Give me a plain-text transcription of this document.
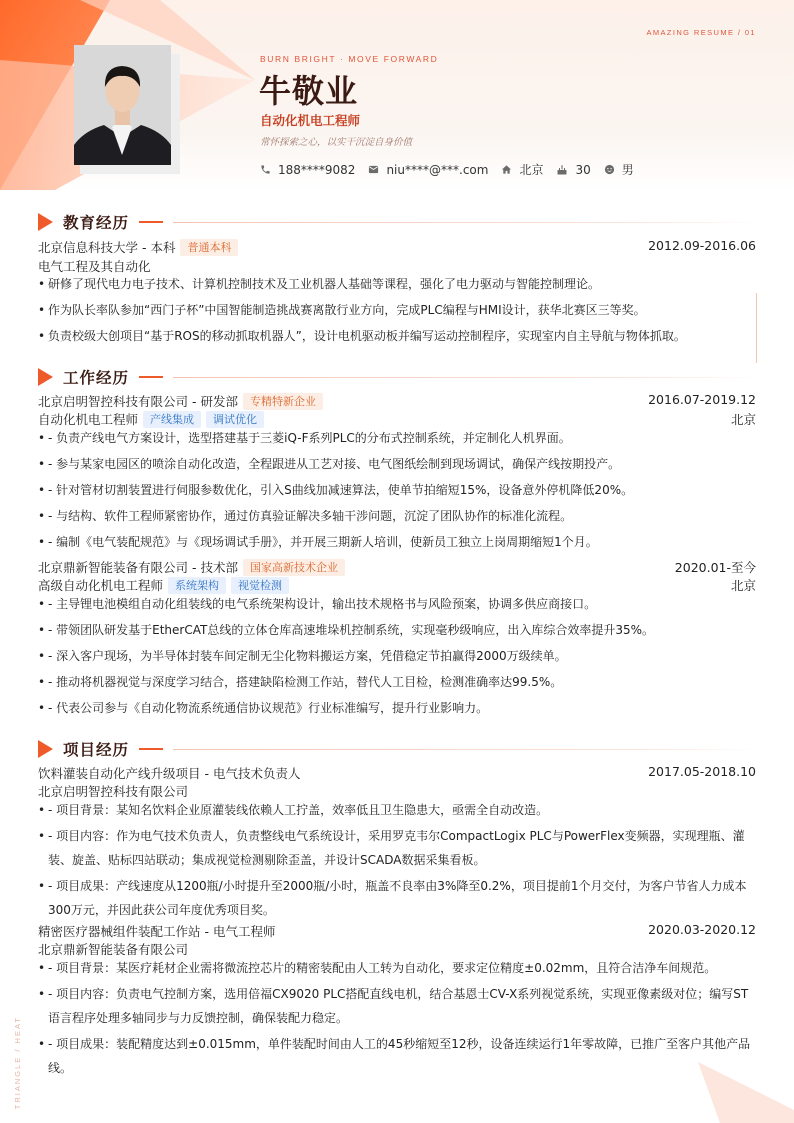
AMAZING RESUME / 01
BURN BRIGHT · MOVE FORWARD
牛敬业
自动化机电工程师
常怀探索之心，以实干沉淀自身价值
188****9082	niu****@***.com	北京	30	男
教育经历
北京信息科技大学 - 本科	普通本科	2012.09-2016.06
电气工程及其自动化
• 研修了现代电力电子技术、计算机控制技术及工业机器人基础等课程，强化了电力驱动与智能控制理论。
• 作为队长率队参加“西门子杯”中国智能制造挑战赛离散行业方向，完成PLC编程与HMI设计，获华北赛区三等奖。
• 负责校级大创项目“基于ROS的移动抓取机器人”，设计电机驱动板并编写运动控制程序，实现室内自主导航与物体抓取。
工作经历
北京启明智控科技有限公司 - 研发部	专精特新企业	2016.07-2019.12
自动化机电工程师	产线集成	调试优化	北京
• - 负责产线电气方案设计，选型搭建基于三菱iQ-F系列PLC的分布式控制系统，并定制化人机界面。
• - 参与某家电园区的喷涂自动化改造，全程跟进从工艺对接、电气图纸绘制到现场调试，确保产线按期投产。
• - 针对管材切割装置进行伺服参数优化，引入S曲线加减速算法，使单节拍缩短15%，设备意外停机降低20%。
• - 与结构、软件工程师紧密协作，通过仿真验证解决多轴干涉问题，沉淀了团队协作的标准化流程。
• - 编制《电气装配规范》与《现场调试手册》，并开展三期新人培训，使新员工独立上岗周期缩短1个月。
北京鼎新智能装备有限公司 - 技术部	国家高新技术企业	2020.01-至今
高级自动化机电工程师	系统架构	视觉检测	北京
• - 主导锂电池模组自动化组装线的电气系统架构设计，输出技术规格书与风险预案，协调多供应商接口。
• - 带领团队研发基于EtherCAT总线的立体仓库高速堆垛机控制系统，实现毫秒级响应，出入库综合效率提升35%。
• - 深入客户现场，为半导体封装车间定制无尘化物料搬运方案，凭借稳定节拍赢得2000万级续单。
• - 推动将机器视觉与深度学习结合，搭建缺陷检测工作站，替代人工目检，检测准确率达99.5%。
• - 代表公司参与《自动化物流系统通信协议规范》行业标准编写，提升行业影响力。
项目经历
饮料灌装自动化产线升级项目 - 电气技术负责人	2017.05-2018.10
北京启明智控科技有限公司
• - 项目背景：某知名饮料企业原灌装线依赖人工拧盖，效率低且卫生隐患大，亟需全自动改造。
• - 项目内容：作为电气技术负责人，负责整线电气系统设计，采用罗克韦尔CompactLogix PLC与PowerFlex变频器，实现理瓶、灌装、旋盖、贴标四站联动；集成视觉检测剔除歪盖，并设计SCADA数据采集看板。
• - 项目成果：产线速度从1200瓶/小时提升至2000瓶/小时，瓶盖不良率由3%降至0.2%，项目提前1个月交付，为客户节省人力成本300万元，并因此获公司年度优秀项目奖。
精密医疗器械组件装配工作站 - 电气工程师	2020.03-2020.12
北京鼎新智能装备有限公司
• - 项目背景：某医疗耗材企业需将微流控芯片的精密装配由人工转为自动化，要求定位精度±0.02mm，且符合洁净车间规范。
• - 项目内容：负责电气控制方案，选用倍福CX9020 PLC搭配直线电机，结合基恩士CV-X系列视觉系统，实现亚像素级对位；编写ST语言程序处理多轴同步与力反馈控制，确保装配力稳定。
• - 项目成果：装配精度达到±0.015mm，单件装配时间由人工的45秒缩短至12秒，设备连续运行1年零故障，已推广至客户其他产品线。
TRIANGLE / HEAT
